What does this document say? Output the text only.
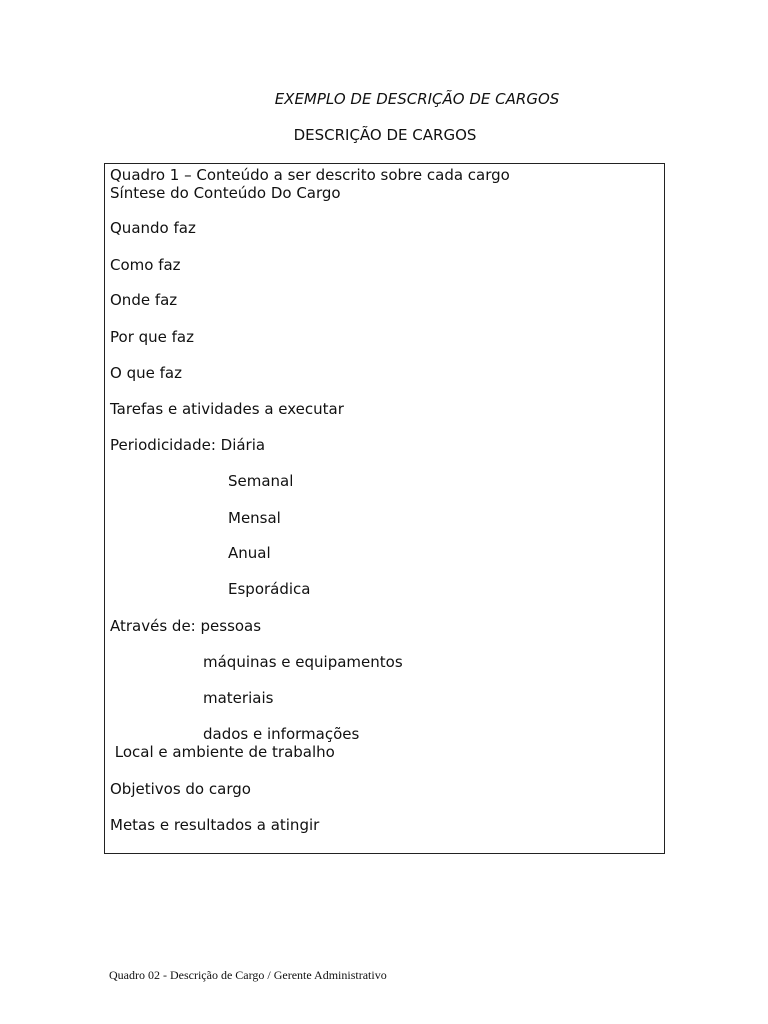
EXEMPLO DE DESCRIÇÃO DE CARGOS
DESCRIÇÃO DE CARGOS
Quadro 1 – Conteúdo a ser descrito sobre cada cargo
Síntese do Conteúdo Do Cargo
Quando faz
Como faz
Onde faz
Por que faz
O que faz
Tarefas e atividades a executar
Periodicidade: Diária
Semanal
Mensal
Anual
Esporádica
Através de: pessoas
máquinas e equipamentos
materiais
dados e informações
Local e ambiente de trabalho
Objetivos do cargo
Metas e resultados a atingir
Quadro 02 - Descrição de Cargo / Gerente Administrativo
